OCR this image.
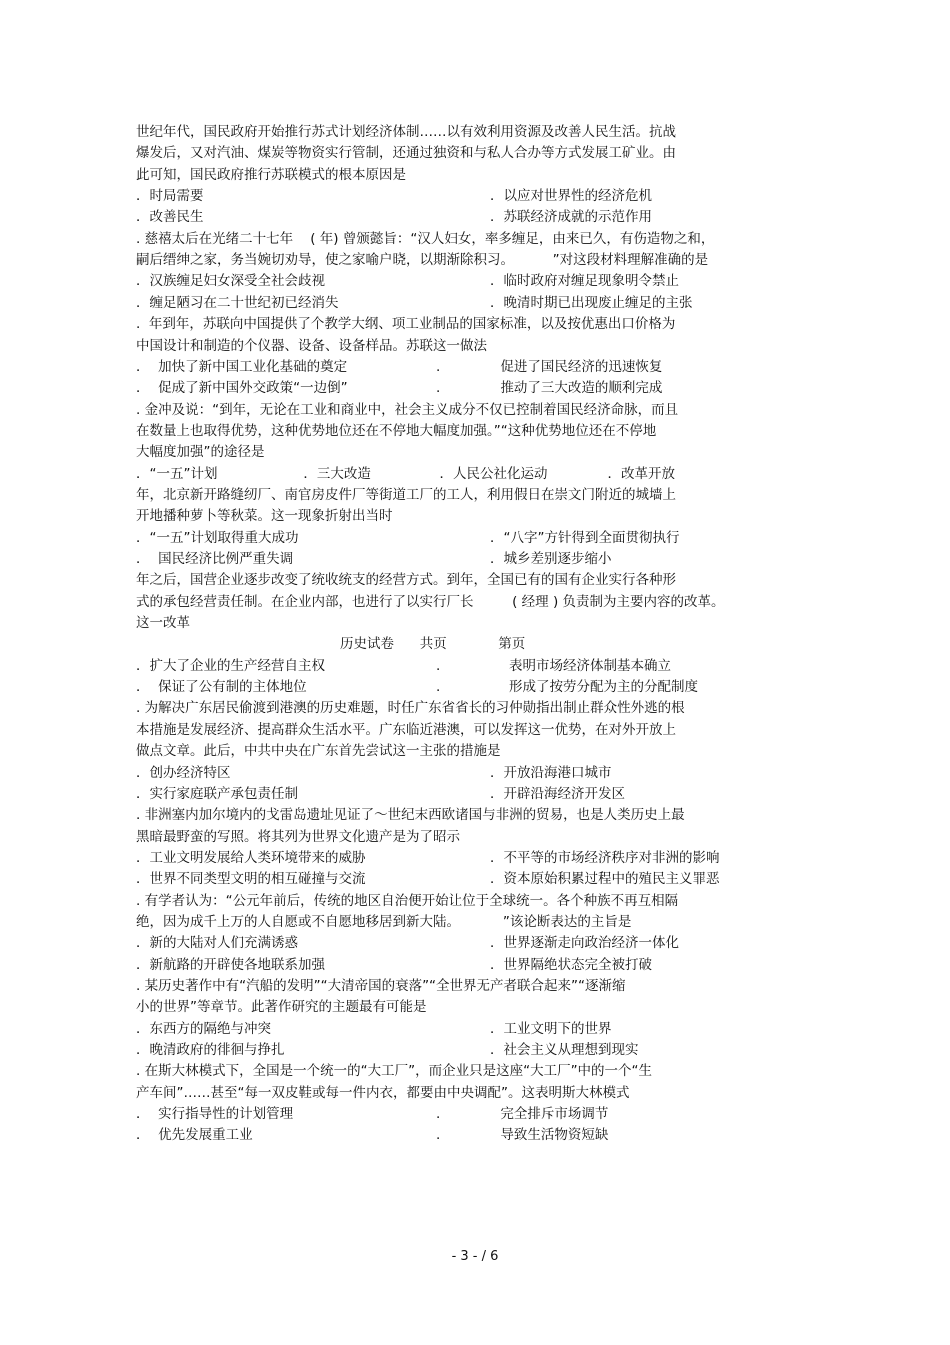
世纪年代，国民政府开始推行苏式计划经济体制……以有效利用资源及改善人民生活。抗战
爆发后，又对汽油、煤炭等物资实行管制，还通过独资和与私人合办等方式发展工矿业。由
此可知，国民政府推行苏联模式的根本原因是
．时局需要	．以应对世界性的经济危机
．改善民生	．苏联经济成就的示范作用
. 慈禧太后在光绪二十七年    ( 年) 曾颁懿旨：“汉人妇女，率多缠足，由来已久，有伤造物之和，
嗣后缙绅之家，务当婉切劝导，使之家喻户晓，以期渐除积习。         ”对这段材料理解准确的是
．汉族缠足妇女深受全社会歧视	．临时政府对缠足现象明令禁止
．缠足陋习在二十世纪初已经消失	．晚清时期已出现废止缠足的主张
.  年到年，苏联向中国提供了个教学大纲、项工业制品的国家标准，以及按优惠出口价格为
中国设计和制造的个仪器、设备、设备样品。苏联这一做法
．  加快了新中国工业化基础的奠定	.              促进了国民经济的迅速恢复
．  促成了新中国外交政策“一边倒”	.              推动了三大改造的顺利完成
. 金冲及说：“到年，无论在工业和商业中，社会主义成分不仅已控制着国民经济命脉，而且
在数量上也取得优势，这种优势地位还在不停地大幅度加强。”“这种优势地位还在不停地
大幅度加强”的途径是
．“一五”计划                    ．三大改造                ．人民公社化运动              ．改革开放
年，北京新开路缝纫厂、南官房皮件厂等街道工厂的工人，利用假日在崇文门附近的城墙上
开地播种萝卜等秋菜。这一现象折射出当时
．“一五”计划取得重大成功	．“八字”方针得到全面贯彻执行
．  国民经济比例严重失调	．城乡差别逐步缩小
年之后，国营企业逐步改变了统收统支的经营方式。到年，全国已有的国有企业实行各种形
式的承包经营责任制。在企业内部，也进行了以实行厂长         ( 经理 ) 负责制为主要内容的改革。
这一改革
历史试卷      共页            第页
．扩大了企业的生产经营自主权	.                表明市场经济体制基本确立
．  保证了公有制的主体地位	.                形成了按劳分配为主的分配制度
. 为解决广东居民偷渡到港澳的历史难题，时任广东省省长的习仲勋指出制止群众性外逃的根
本措施是发展经济、提高群众生活水平。广东临近港澳，可以发挥这一优势，在对外开放上
做点文章。此后，中共中央在广东首先尝试这一主张的措施是
．创办经济特区	．开放沿海港口城市
．实行家庭联产承包责任制	．开辟沿海经济开发区
. 非洲塞内加尔境内的戈雷岛遗址见证了～世纪末西欧诸国与非洲的贸易，也是人类历史上最
黑暗最野蛮的写照。将其列为世界文化遗产是为了昭示
．工业文明发展给人类环境带来的威胁	．不平等的市场经济秩序对非洲的影响
．世界不同类型文明的相互碰撞与交流	．资本原始积累过程中的殖民主义罪恶
. 有学者认为：“公元年前后，传统的地区自治便开始让位于全球统一。各个种族不再互相隔
绝，因为成千上万的人自愿或不自愿地移居到新大陆。          ”该论断表达的主旨是
．新的大陆对人们充满诱惑	．世界逐渐走向政治经济一体化
．新航路的开辟使各地联系加强	．世界隔绝状态完全被打破
. 某历史著作中有“汽船的发明”“大清帝国的衰落”“全世界无产者联合起来”“逐渐缩
小的世界”等章节。此著作研究的主题最有可能是
．东西方的隔绝与冲突	．工业文明下的世界
．晚清政府的徘徊与挣扎	．社会主义从理想到现实
. 在斯大林模式下，全国是一个统一的“大工厂”，而企业只是这座“大工厂”中的一个“生
产车间”……甚至“每一双皮鞋或每一件内衣，都要由中央调配”。这表明斯大林模式
．  实行指导性的计划管理	.              完全排斥市场调节
．  优先发展重工业	.              导致生活物资短缺
- 3 - / 6
